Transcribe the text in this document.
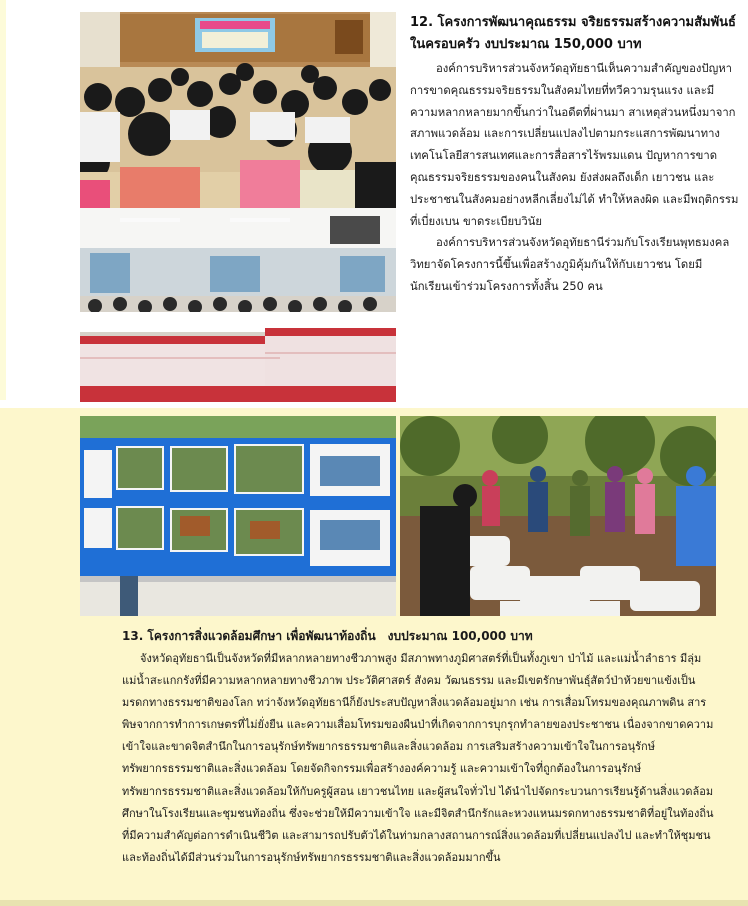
12. โครงการพัฒนาคุณธรรม จริยธรรมสร้างความสัมพันธ์
ในครอบครัว งบประมาณ 150,000 บาท

องค์การบริหารส่วนจังหวัดอุทัยธานีเห็นความสำคัญของปัญหาการขาดคุณธรรมจริยธรรมในสังคมไทยที่ทวีความรุนแรง และมีความหลากหลายมากขึ้นกว่าในอดีตที่ผ่านมา สาเหตุส่วนหนึ่งมาจากสภาพแวดล้อม และการเปลี่ยนแปลงไปตามกระแสการพัฒนาทางเทคโนโลยีสารสนเทศและการสื่อสารไร้พรมแดน ปัญหาการขาดคุณธรรมจริยธรรมของคนในสังคม ยังส่งผลถึงเด็ก เยาวชน และประชาชนในสังคมอย่างหลีกเลี่ยงไม่ได้ ทำให้หลงผิด และมีพฤติกรรมที่เบี่ยงเบน ขาดระเบียบวินัย

องค์การบริหารส่วนจังหวัดอุทัยธานีร่วมกับโรงเรียนพุทธมงคลวิทยาจัดโครงการนี้ขึ้นเพื่อสร้างภูมิคุ้มกันให้กับเยาวชน โดยมีนักเรียนเข้าร่วมโครงการทั้งสิ้น 250 คน

13. โครงการสิ่งแวดล้อมศึกษา เพื่อพัฒนาท้องถิ่น งบประมาณ 100,000 บาท

จังหวัดอุทัยธานีเป็นจังหวัดที่มีหลากหลายทางชีวภาพสูง มีสภาพทางภูมิศาสตร์ที่เป็นทั้งภูเขา ป่าไม้ และแม่น้ำลำธาร มีลุ่มแม่น้ำสะแกกรังที่มีความหลากหลายทางชีวภาพ ประวัติศาสตร์ สังคม วัฒนธรรม และมีเขตรักษาพันธุ์สัตว์ป่าห้วยขาแข้งเป็นมรดกทางธรรมชาติของโลก ทว่าจังหวัดอุทัยธานีก็ยังประสบปัญหาสิ่งแวดล้อมอยู่มาก เช่น การเสื่อมโทรมของคุณภาพดิน สารพิษจากการทำการเกษตรที่ไม่ยั่งยืน และความเสื่อมโทรมของผืนป่าที่เกิดจากการบุกรุกทำลายของประชาชน เนื่องจากขาดความเข้าใจและขาดจิตสำนึกในการอนุรักษ์ทรัพยากรธรรมชาติและสิ่งแวดล้อม การเสริมสร้างความเข้าใจในการอนุรักษ์ทรัพยากรธรรมชาติและสิ่งแวดล้อม โดยจัดกิจกรรมเพื่อสร้างองค์ความรู้ และความเข้าใจที่ถูกต้องในการอนุรักษ์ทรัพยากรธรรมชาติและสิ่งแวดล้อมให้กับครูผู้สอน เยาวชนไทย และผู้สนใจทั่วไป ได้นำไปจัดกระบวนการเรียนรู้ด้านสิ่งแวดล้อมศึกษาในโรงเรียนและชุมชนท้องถิ่น ซึ่งจะช่วยให้มีความเข้าใจ และมีจิตสำนึกรักและหวงแหนมรดกทางธรรมชาติที่อยู่ในท้องถิ่นที่มีความสำคัญต่อการดำเนินชีวิต และสามารถปรับตัวได้ในท่ามกลางสถานการณ์สิ่งแวดล้อมที่เปลี่ยนแปลงไป และทำให้ชุมชนและท้องถิ่นได้มีส่วนร่วมในการอนุรักษ์ทรัพยากรธรรมชาติและสิ่งแวดล้อมมากขึ้น
